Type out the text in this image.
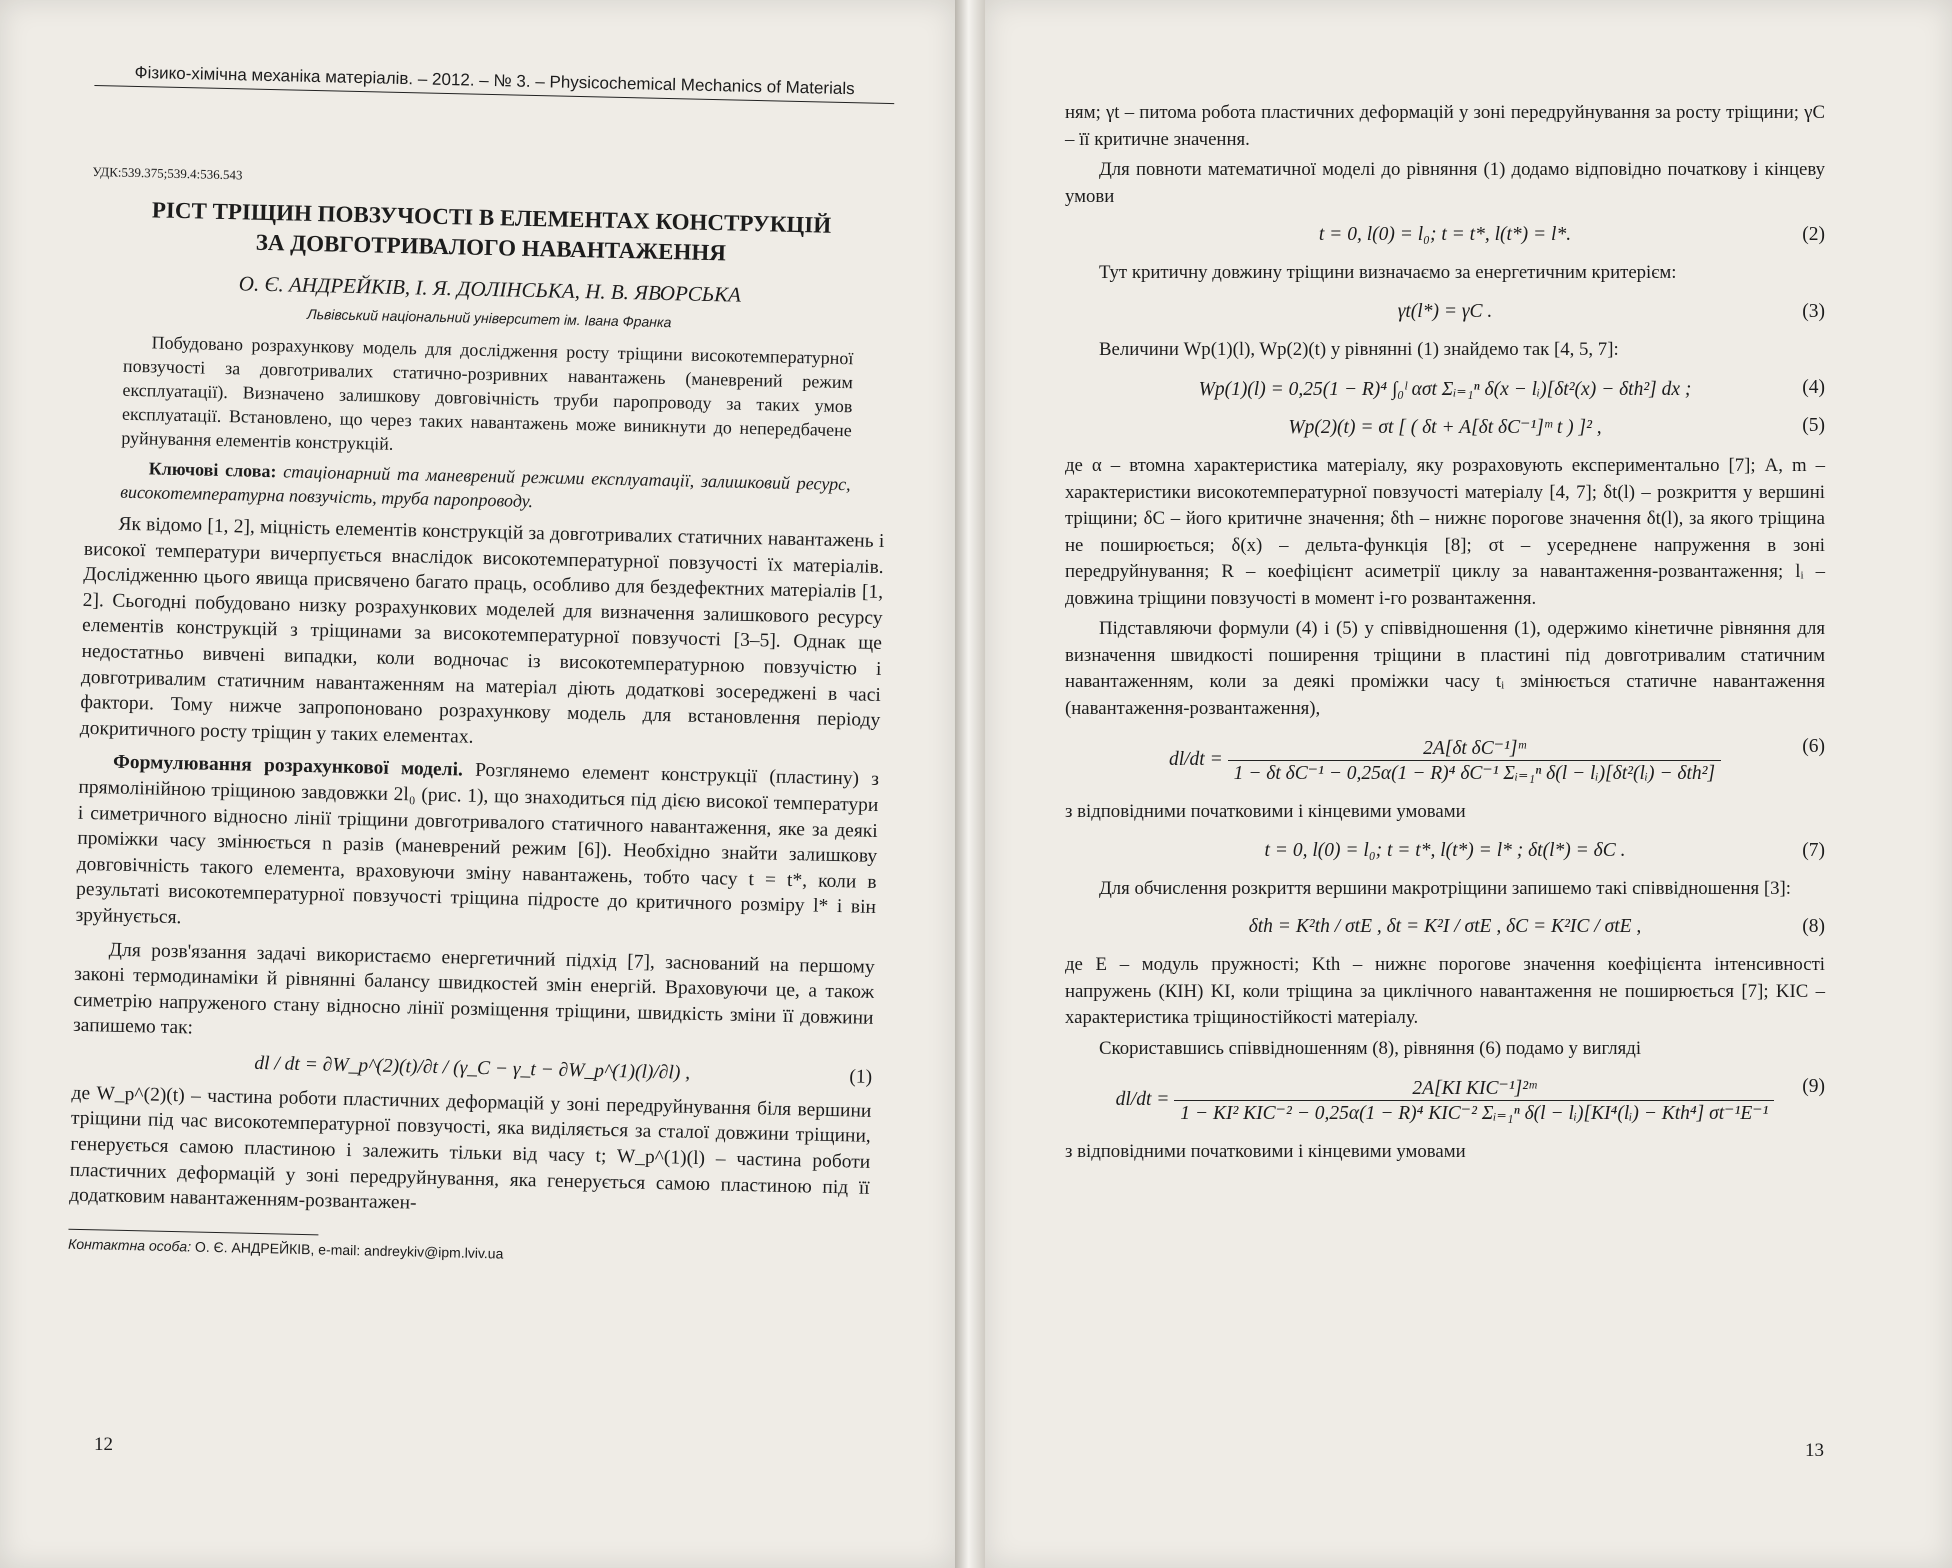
Фізико-хімічна механіка матеріалів. – 2012. – № 3. – Physicochemical Mechanics of Materials
УДК:539.375;539.4:536.543
РІСТ ТРІЩИН ПОВЗУЧОСТІ В ЕЛЕМЕНТАХ КОНСТРУКЦІЙ
ЗА ДОВГОТРИВАЛОГО НАВАНТАЖЕННЯ
О. Є. АНДРЕЙКІВ, І. Я. ДОЛІНСЬКА, Н. В. ЯВОРСЬКА
Львівський національний університет ім. Івана Франка
Побудовано розрахункову модель для дослідження росту тріщини високотемпературної повзучості за довготривалих статично-розривних навантажень (маневрений режим експлуатації). Визначено залишкову довговічність труби паропроводу за таких умов експлуатації. Встановлено, що через таких навантажень може виникнути до непередбачене руйнування елементів конструкцій.
Ключові слова: стаціонарний та маневрений режими експлуатації, залишковий ресурс, високотемпературна повзучість, труба паропроводу.

Як відомо [1, 2], міцність елементів конструкцій за довготривалих статичних навантажень і високої температури вичерпується внаслідок високотемпературної повзучості їх матеріалів. Дослідженню цього явища присвячено багато праць, особливо для бездефектних матеріалів [1, 2]. Сьогодні побудовано низку розрахункових моделей для визначення залишкового ресурсу елементів конструкцій з тріщинами за високотемпературної повзучості [3–5]. Однак ще недостатньо вивчені випадки, коли водночас із високотемпературною повзучістю і довготривалим статичним навантаженням на матеріал діють додаткові зосереджені в часі фактори. Тому нижче запропоновано розрахункову модель для встановлення періоду докритичного росту тріщин у таких елементах.

Формулювання розрахункової моделі. Розглянемо елемент конструкції (пластину) з прямолінійною тріщиною завдовжки 2l₀ (рис. 1), що знаходиться під дією високої температури і симетричного відносно лінії тріщини довготривалого статичного навантаження, яке за деякі проміжки часу змінюється n разів (маневрений режим [6]). Необхідно знайти залишкову довговічність такого елемента, враховуючи зміну навантажень, тобто часу t = t*, коли в результаті високотемпературної повзучості тріщина підросте до критичного розміру l* і він зруйнується.

Для розв'язання задачі використаємо енергетичний підхід [7], заснований на першому законі термодинаміки й рівнянні балансу швидкостей змін енергій. Враховуючи це, а також симетрію напруженого стану відносно лінії розміщення тріщини, швидкість зміни її довжини запишемо так:

dl / dt = ∂W_p^(2)(t)/∂t / (γ_C − γ_t − ∂W_p^(1)(l)/∂l) ,	(1)

де W_p^(2)(t) – частина роботи пластичних деформацій у зоні передруйнування біля вершини тріщини під час високотемпературної повзучості, яка виділяється за сталої довжини тріщини, генерується самою пластиною і залежить тільки від часу t; W_p^(1)(l) – частина роботи пластичних деформацій у зоні передруйнування, яка генерується самою пластиною під її додатковим навантаженням-розвантажен-

Контактна особа: О. Є. АНДРЕЙКІВ, e-mail: andreykiv@ipm.lviv.ua
12

ням; γt – питома робота пластичних деформацій у зоні передруйнування за росту тріщини; γC – її критичне значення.

Для повноти математичної моделі до рівняння (1) додамо відповідно початкову і кінцеву умови

t = 0, l(0) = l₀; t = t*, l(t*) = l*.	(2)

Тут критичну довжину тріщини визначаємо за енергетичним критерієм:

γt(l*) = γC .	(3)

Величини Wp(1)(l), Wp(2)(t) у рівнянні (1) знайдемо так [4, 5, 7]:

Wp(1)(l) = 0,25(1 − R)⁴ ∫₀ˡ ασt Σᵢ₌₁ⁿ δ(x − lᵢ)[δt²(x) − δth²] dx ;	(4)
Wp(2)(t) = σt [ ( δt + A[δt δC⁻¹]ᵐ t ) ]² ,	(5)

де α – втомна характеристика матеріалу, яку розраховують експериментально [7]; A, m – характеристики високотемпературної повзучості матеріалу [4, 7]; δt(l) – розкриття у вершині тріщини; δC – його критичне значення; δth – нижнє порогове значення δt(l), за якого тріщина не поширюється; δ(x) – дельта-функція [8]; σt – усереднене напруження в зоні передруйнування; R – коефіцієнт асиметрії циклу за навантаження-розвантаження; lᵢ – довжина тріщини повзучості в момент i-го розвантаження.

Підставляючи формули (4) і (5) у співвідношення (1), одержимо кінетичне рівняння для визначення швидкості поширення тріщини в пластині під довготривалим статичним навантаженням, коли за деякі проміжки часу tᵢ змінюється статичне навантаження (навантаження-розвантаження),

dl/dt =
2A[δt δC⁻¹]ᵐ
1 − δt δC⁻¹ − 0,25α(1 − R)⁴ δC⁻¹ Σᵢ₌₁ⁿ δ(l − lᵢ)[δt²(lᵢ) − δth²]
(6)

з відповідними початковими і кінцевими умовами

t = 0, l(0) = l₀; t = t*, l(t*) = l* ; δt(l*) = δC .	(7)

Для обчислення розкриття вершини макротріщини запишемо такі співвідношення [3]:

δth = K²th / σtE , δt = K²I / σtE , δC = K²IC / σtE ,	(8)

де E – модуль пружності; Kth – нижнє порогове значення коефіцієнта інтенсивності напружень (КІН) KI, коли тріщина за циклічного навантаження не поширюється [7]; KIC – характеристика тріщиностійкості матеріалу.

Скориставшись співвідношенням (8), рівняння (6) подамо у вигляді

dl/dt =
2A[KI KIC⁻¹]²ᵐ
1 − KI² KIC⁻² − 0,25α(1 − R)⁴ KIC⁻² Σᵢ₌₁ⁿ δ(l − lᵢ)[KI⁴(lᵢ) − Kth⁴] σt⁻¹E⁻¹
(9)

з відповідними початковими і кінцевими умовами

13
